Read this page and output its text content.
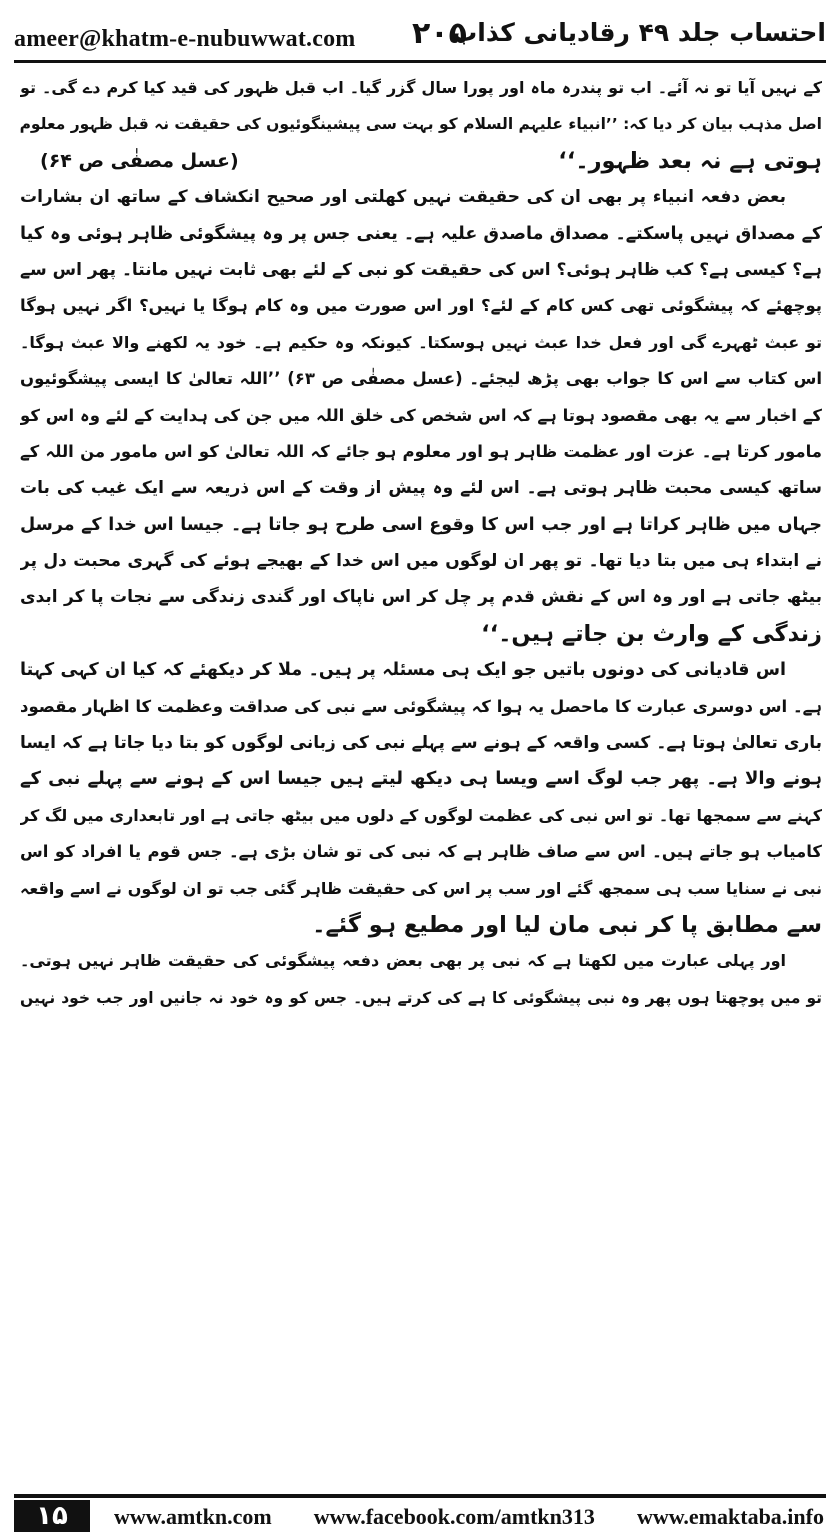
ameer@khatm-e-nubuwwat.com ۲۰۵
احتساب جلد ۴۹ رقادیانی کذاب
کے نہیں آیا تو نہ آئے۔ اب تو پندرہ ماہ اور پورا سال گزر گیا۔ اب قبل ظہور کی قید کیا کرم دے گی۔ تو
اصل مذہب بیان کر دیا کہ: ’’انبیاء علیہم السلام کو بہت سی پیشینگوئیوں کی حقیقت نہ قبل ظہور معلوم
ہوتی ہے نہ بعد ظہور۔‘‘
(عسل مصفٰی ص ۶۴)
بعض دفعہ انبیاء پر بھی ان کی حقیقت نہیں کھلتی اور صحیح انکشاف کے ساتھ ان بشارات
کے مصداق نہیں پاسکتے۔ مصداق ماصدق علیہ ہے۔ یعنی جس پر وہ پیشگوئی ظاہر ہوئی وہ کیا
ہے؟ کیسی ہے؟ کب ظاہر ہوئی؟ اس کی حقیقت کو نبی کے لئے بھی ثابت نہیں مانتا۔ پھر اس سے
پوچھئے کہ پیشگوئی تھی کس کام کے لئے؟ اور اس صورت میں وہ کام ہوگا یا نہیں؟ اگر نہیں ہوگا
تو عبث ٹھہرے گی اور فعل خدا عبث نہیں ہوسکتا۔ کیونکہ وہ حکیم ہے۔ خود یہ لکھنے والا عبث ہوگا۔
اس کتاب سے اس کا جواب بھی پڑھ لیجئے۔ (عسل مصفٰی ص ۶۳) ’’اللہ تعالیٰ کا ایسی پیشگوئیوں
کے اخبار سے یہ بھی مقصود ہوتا ہے کہ اس شخص کی خلق اللہ میں جن کی ہدایت کے لئے وہ اس کو
مامور کرتا ہے۔ عزت اور عظمت ظاہر ہو اور معلوم ہو جائے کہ اللہ تعالیٰ کو اس مامور من اللہ کے
ساتھ کیسی محبت ظاہر ہوتی ہے۔ اس لئے وہ پیش از وقت کے اس ذریعہ سے ایک غیب کی بات
جہاں میں ظاہر کراتا ہے اور جب اس کا وقوع اسی طرح ہو جاتا ہے۔ جیسا اس خدا کے مرسل
نے ابتداء ہی میں بتا دیا تھا۔ تو پھر ان لوگوں میں اس خدا کے بھیجے ہوئے کی گہری محبت دل پر
بیٹھ جاتی ہے اور وہ اس کے نقش قدم پر چل کر اس ناپاک اور گندی زندگی سے نجات پا کر ابدی
زندگی کے وارث بن جاتے ہیں۔‘‘
اس قادیانی کی دونوں باتیں جو ایک ہی مسئلہ پر ہیں۔ ملا کر دیکھئے کہ کیا ان کہی کہتا
ہے۔ اس دوسری عبارت کا ماحصل یہ ہوا کہ پیشگوئی سے نبی کی صداقت وعظمت کا اظہار مقصود
باری تعالیٰ ہوتا ہے۔ کسی واقعہ کے ہونے سے پہلے نبی کی زبانی لوگوں کو بتا دیا جاتا ہے کہ ایسا
ہونے والا ہے۔ پھر جب لوگ اسے ویسا ہی دیکھ لیتے ہیں جیسا اس کے ہونے سے پہلے نبی کے
کہنے سے سمجھا تھا۔ تو اس نبی کی عظمت لوگوں کے دلوں میں بیٹھ جاتی ہے اور تابعداری میں لگ کر
کامیاب ہو جاتے ہیں۔ اس سے صاف ظاہر ہے کہ نبی کی تو شان بڑی ہے۔ جس قوم یا افراد کو اس
نبی نے سنایا سب ہی سمجھ گئے اور سب پر اس کی حقیقت ظاہر گئی جب تو ان لوگوں نے اسے واقعہ
سے مطابق پا کر نبی مان لیا اور مطیع ہو گئے۔
اور پہلی عبارت میں لکھتا ہے کہ نبی پر بھی بعض دفعہ پیشگوئی کی حقیقت ظاہر نہیں ہوتی۔
تو میں پوچھتا ہوں پھر وہ نبی پیشگوئی کا ہے کی کرتے ہیں۔ جس کو وہ خود نہ جانیں اور جب خود نہیں
۱۵	www.amtkn.com www.facebook.com/amtkn313 www.emaktaba.info
